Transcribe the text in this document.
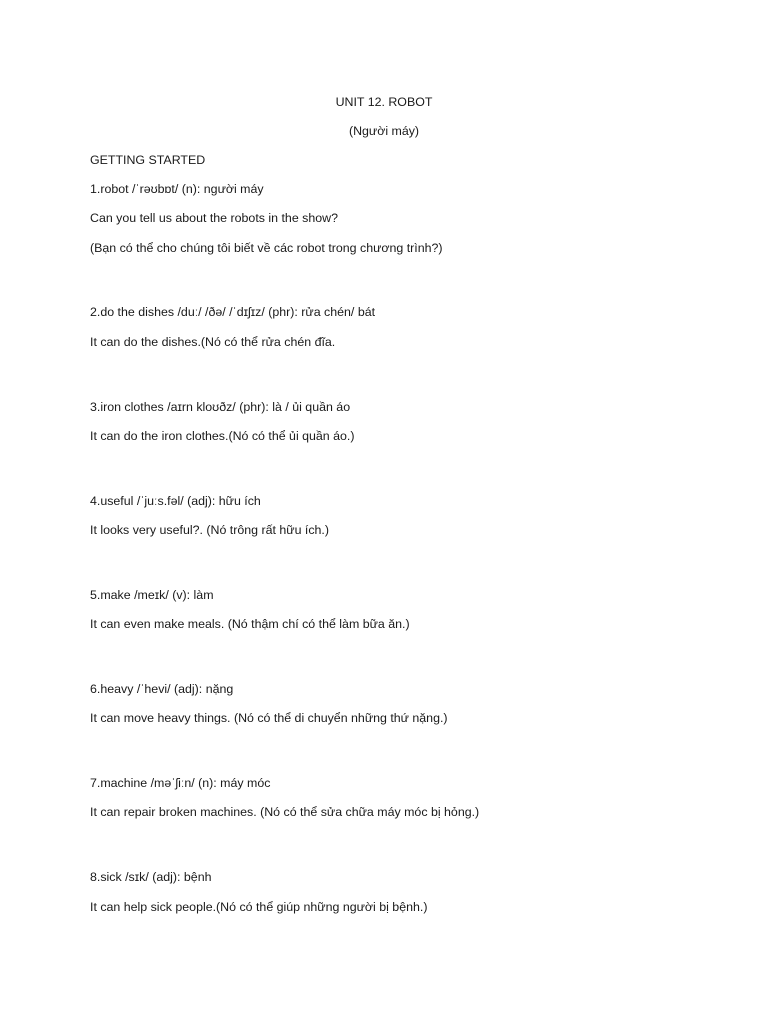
UNIT 12. ROBOT
(Người máy)
GETTING STARTED
1.robot /ˈrəʊbɒt/ (n): người máy
Can you tell us about the robots in the show?
(Bạn có thể cho chúng tôi biết về các robot trong chương trình?)
2.do the dishes /duː/ /ðə/ /ˈdɪʃɪz/ (phr): rửa chén/ bát
It can do the dishes.(Nó có thể rửa chén đĩa.
3.iron clothes /aɪrn kloʊðz/ (phr): là / ủi quần áo
It can do the iron clothes.(Nó có thể ủi quần áo.)
4.useful /ˈjuːs.fəl/ (adj): hữu ích
It looks very useful?. (Nó trông rất hữu ích.)
5.make /meɪk/ (v): làm
It can even make meals. (Nó thậm chí có thể làm bữa ăn.)
6.heavy /ˈhevi/ (adj): nặng
It can move heavy things. (Nó có thể di chuyển những thứ nặng.)
7.machine /məˈʃiːn/ (n): máy móc
It can repair broken machines. (Nó có thể sửa chữa máy móc bị hỏng.)
8.sick /sɪk/ (adj): bệnh
It can help sick people.(Nó có thể giúp những người bị bệnh.)
